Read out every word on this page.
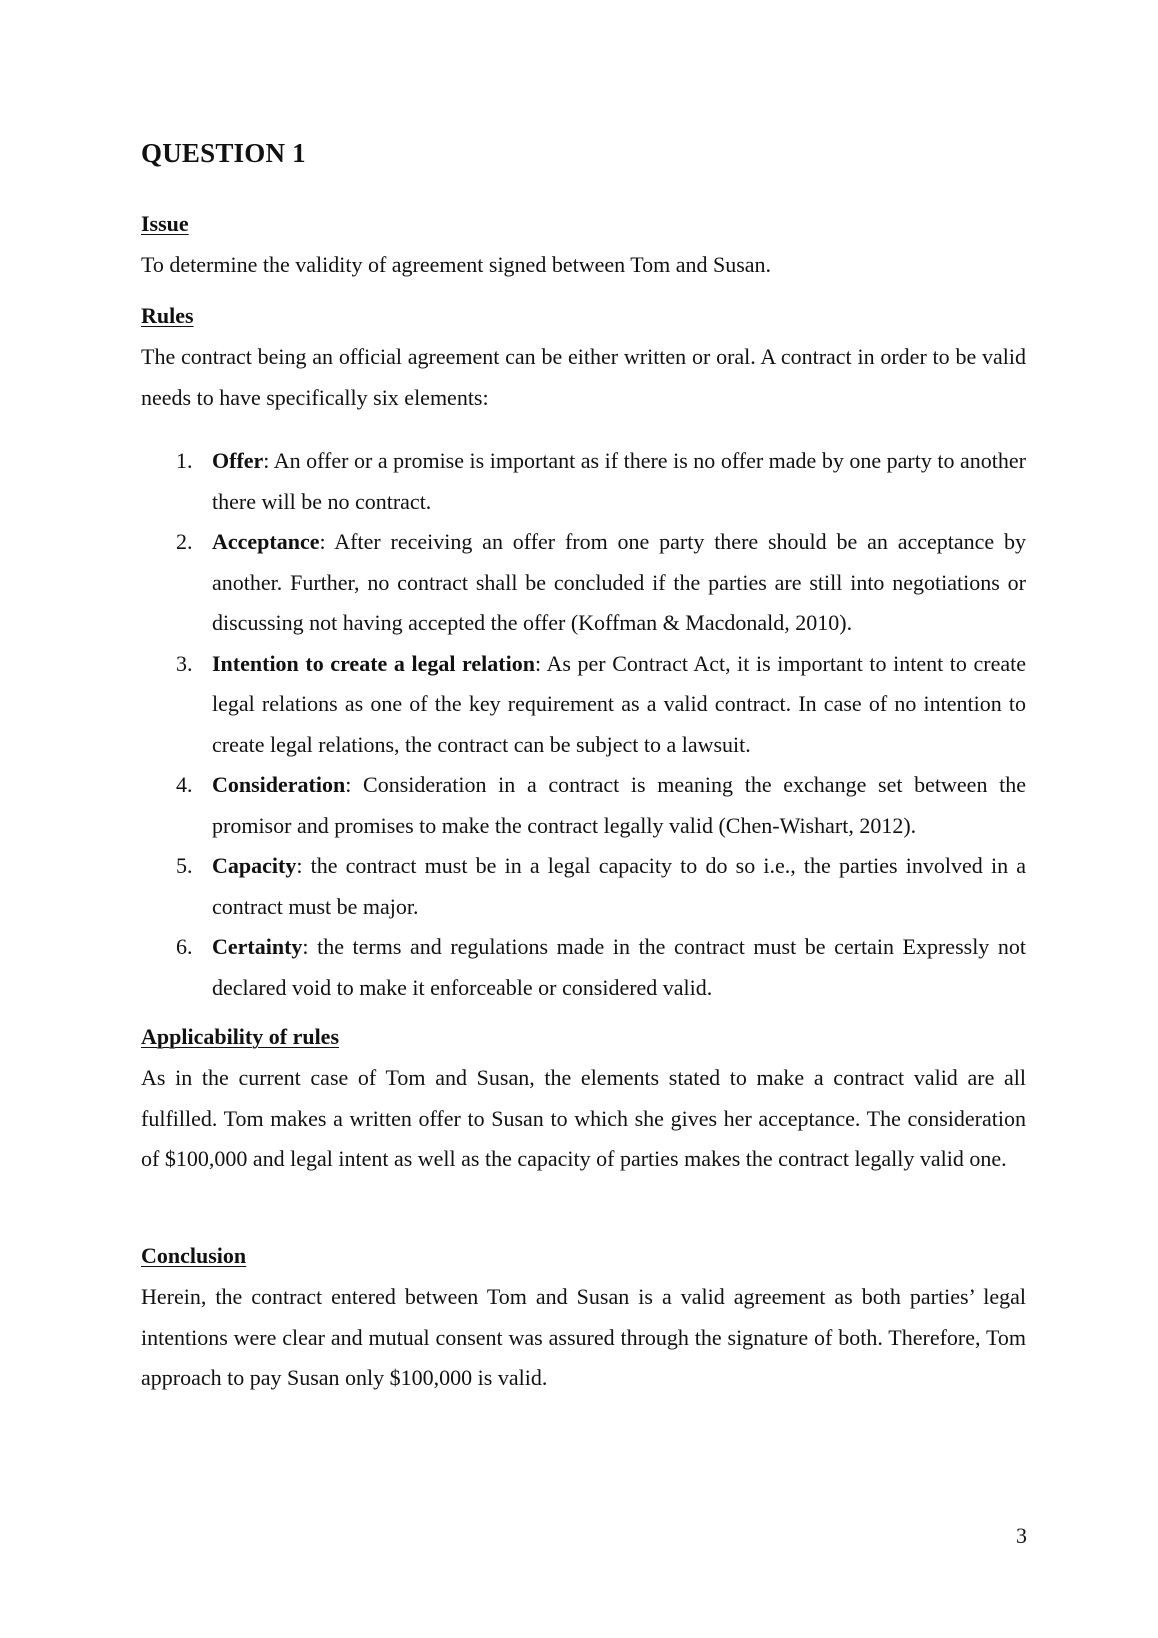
QUESTION 1
Issue

To determine the validity of agreement signed between Tom and Susan.

Rules

The contract being an official agreement can be either written or oral. A contract in order to be valid needs to have specifically six elements:

1. Offer: An offer or a promise is important as if there is no offer made by one party to another there will be no contract.
2. Acceptance: After receiving an offer from one party there should be an acceptance by another. Further, no contract shall be concluded if the parties are still into negotiations or discussing not having accepted the offer (Koffman & Macdonald, 2010).
3. Intention to create a legal relation: As per Contract Act, it is important to intent to create legal relations as one of the key requirement as a valid contract. In case of no intention to create legal relations, the contract can be subject to a lawsuit.
4. Consideration: Consideration in a contract is meaning the exchange set between the promisor and promises to make the contract legally valid (Chen-Wishart, 2012).
5. Capacity: the contract must be in a legal capacity to do so i.e., the parties involved in a contract must be major.
6. Certainty: the terms and regulations made in the contract must be certain Expressly not declared void to make it enforceable or considered valid.
Applicability of rules

As in the current case of Tom and Susan, the elements stated to make a contract valid are all fulfilled. Tom makes a written offer to Susan to which she gives her acceptance. The consideration of $100,000 and legal intent as well as the capacity of parties makes the contract legally valid one.

Conclusion

Herein, the contract entered between Tom and Susan is a valid agreement as both parties’ legal intentions were clear and mutual consent was assured through the signature of both. Therefore, Tom approach to pay Susan only $100,000 is valid.

3
